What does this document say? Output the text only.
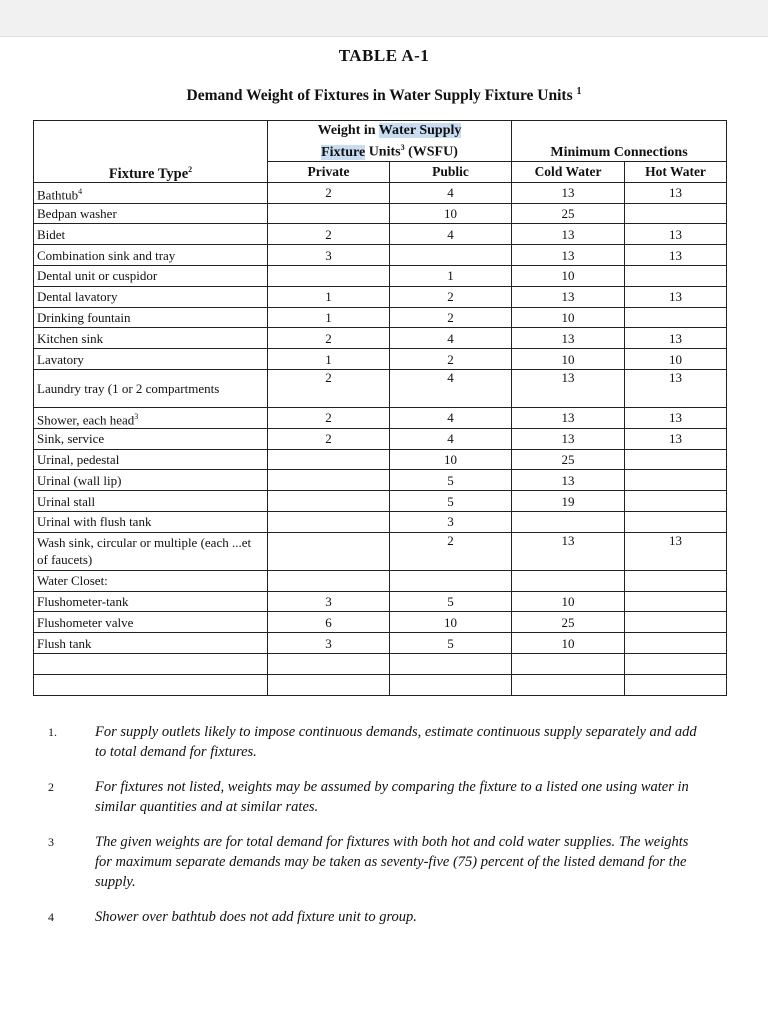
TABLE A-1
Demand Weight of Fixtures in Water Supply Fixture Units $^1$
Fixture Type$^2$	Weight in Water Supply
Fixture Units$^3$ (WSFU)		Minimum Connections	
	Private	Public	Cold Water	Hot Water
Bathtub$^4$	2	4	13	13
Bedpan washer		10	25	
Bidet	2	4	13	13
Combination sink and tray	3		13	13
Dental unit or cuspidor		1	10	
Dental lavatory	1	2	13	13
Drinking fountain	1	2	10	
Kitchen sink	2	4	13	13
Lavatory	1	2	10	10
Laundry tray (1 or 2 compartments	2	4	13	13
Shower, each head$^3$	2	4	13	13
Sink, service	2	4	13	13
Urinal, pedestal		10	25	
Urinal (wall lip)		5	13	
Urinal stall		5	19	
Urinal with flush tank		3		
Wash sink, circular or multiple (each ...et of faucets)		2	13	13
Water Closet:				
Flushometer-tank	3	5	10	
Flushometer valve	6	10	25	
Flush tank	3	5	10	

1.	For supply outlets likely to impose continuous demands, estimate continuous supply separately and add to total demand for fixtures.
2	For fixtures not listed, weights may be assumed by comparing the fixture to a listed one using water in similar quantities and at similar rates.
3	The given weights are for total demand for fixtures with both hot and cold water supplies. The weights for maximum separate demands may be taken as seventy-five (75) percent of the listed demand for the supply.
4	Shower over bathtub does not add fixture unit to group.
